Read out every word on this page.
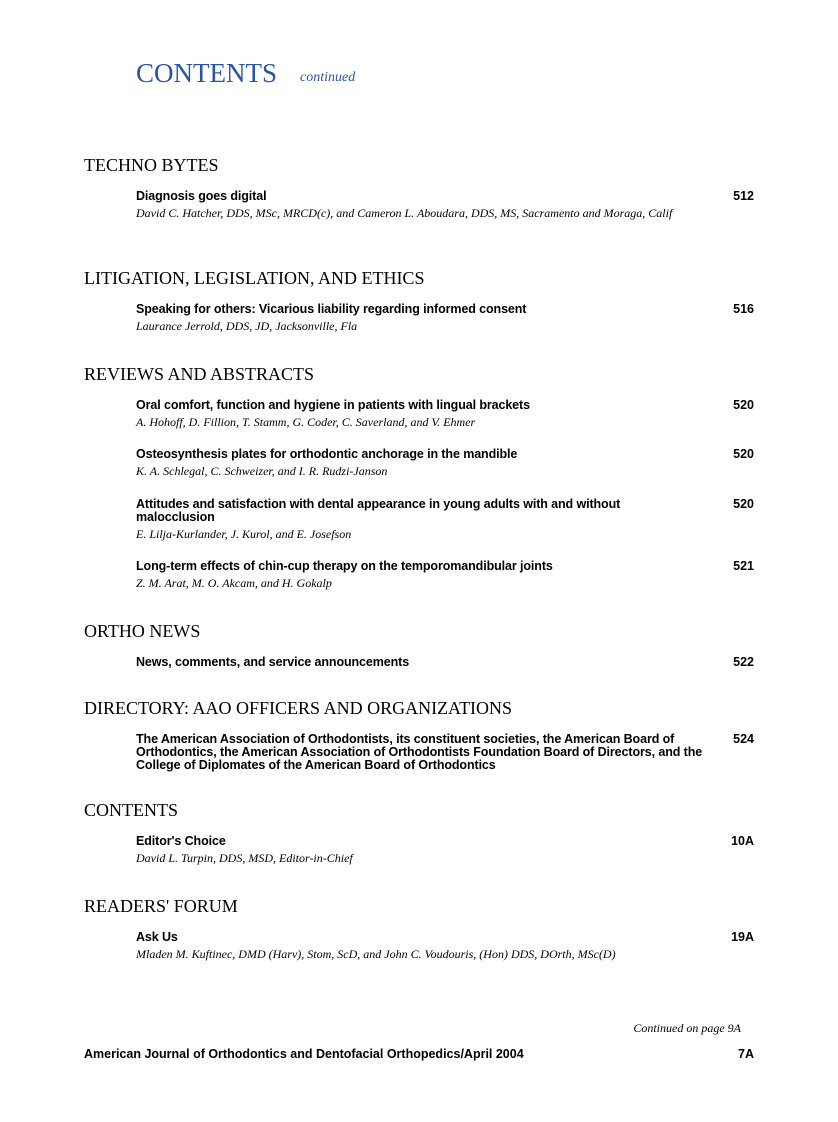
CONTENTS continued
TECHNO BYTES
Diagnosis goes digital
David C. Hatcher, DDS, MSc, MRCD(c), and Cameron L. Aboudara, DDS, MS, Sacramento and Moraga, Calif
512
LITIGATION, LEGISLATION, AND ETHICS
Speaking for others: Vicarious liability regarding informed consent
Laurance Jerrold, DDS, JD, Jacksonville, Fla
516
REVIEWS AND ABSTRACTS
Oral comfort, function and hygiene in patients with lingual brackets
A. Hohoff, D. Fillion, T. Stamm, G. Coder, C. Saverland, and V. Ehmer
520
Osteosynthesis plates for orthodontic anchorage in the mandible
K. A. Schlegal, C. Schweizer, and I. R. Rudzi-Janson
520
Attitudes and satisfaction with dental appearance in young adults with and without malocclusion
E. Lilja-Kurlander, J. Kurol, and E. Josefson
520
Long-term effects of chin-cup therapy on the temporomandibular joints
Z. M. Arat, M. O. Akcam, and H. Gokalp
521
ORTHO NEWS
News, comments, and service announcements	522
DIRECTORY: AAO OFFICERS AND ORGANIZATIONS
The American Association of Orthodontists, its constituent societies, the American Board of Orthodontics, the American Association of Orthodontists Foundation Board of Directors, and the College of Diplomates of the American Board of Orthodontics
524
CONTENTS
Editor's Choice
David L. Turpin, DDS, MSD, Editor-in-Chief
10A
READERS' FORUM
Ask Us
Mladen M. Kuftinec, DMD (Harv), Stom, ScD, and John C. Voudouris, (Hon) DDS, DOrth, MSc(D)
19A
Continued on page 9A
American Journal of Orthodontics and Dentofacial Orthopedics/April 2004	7A
